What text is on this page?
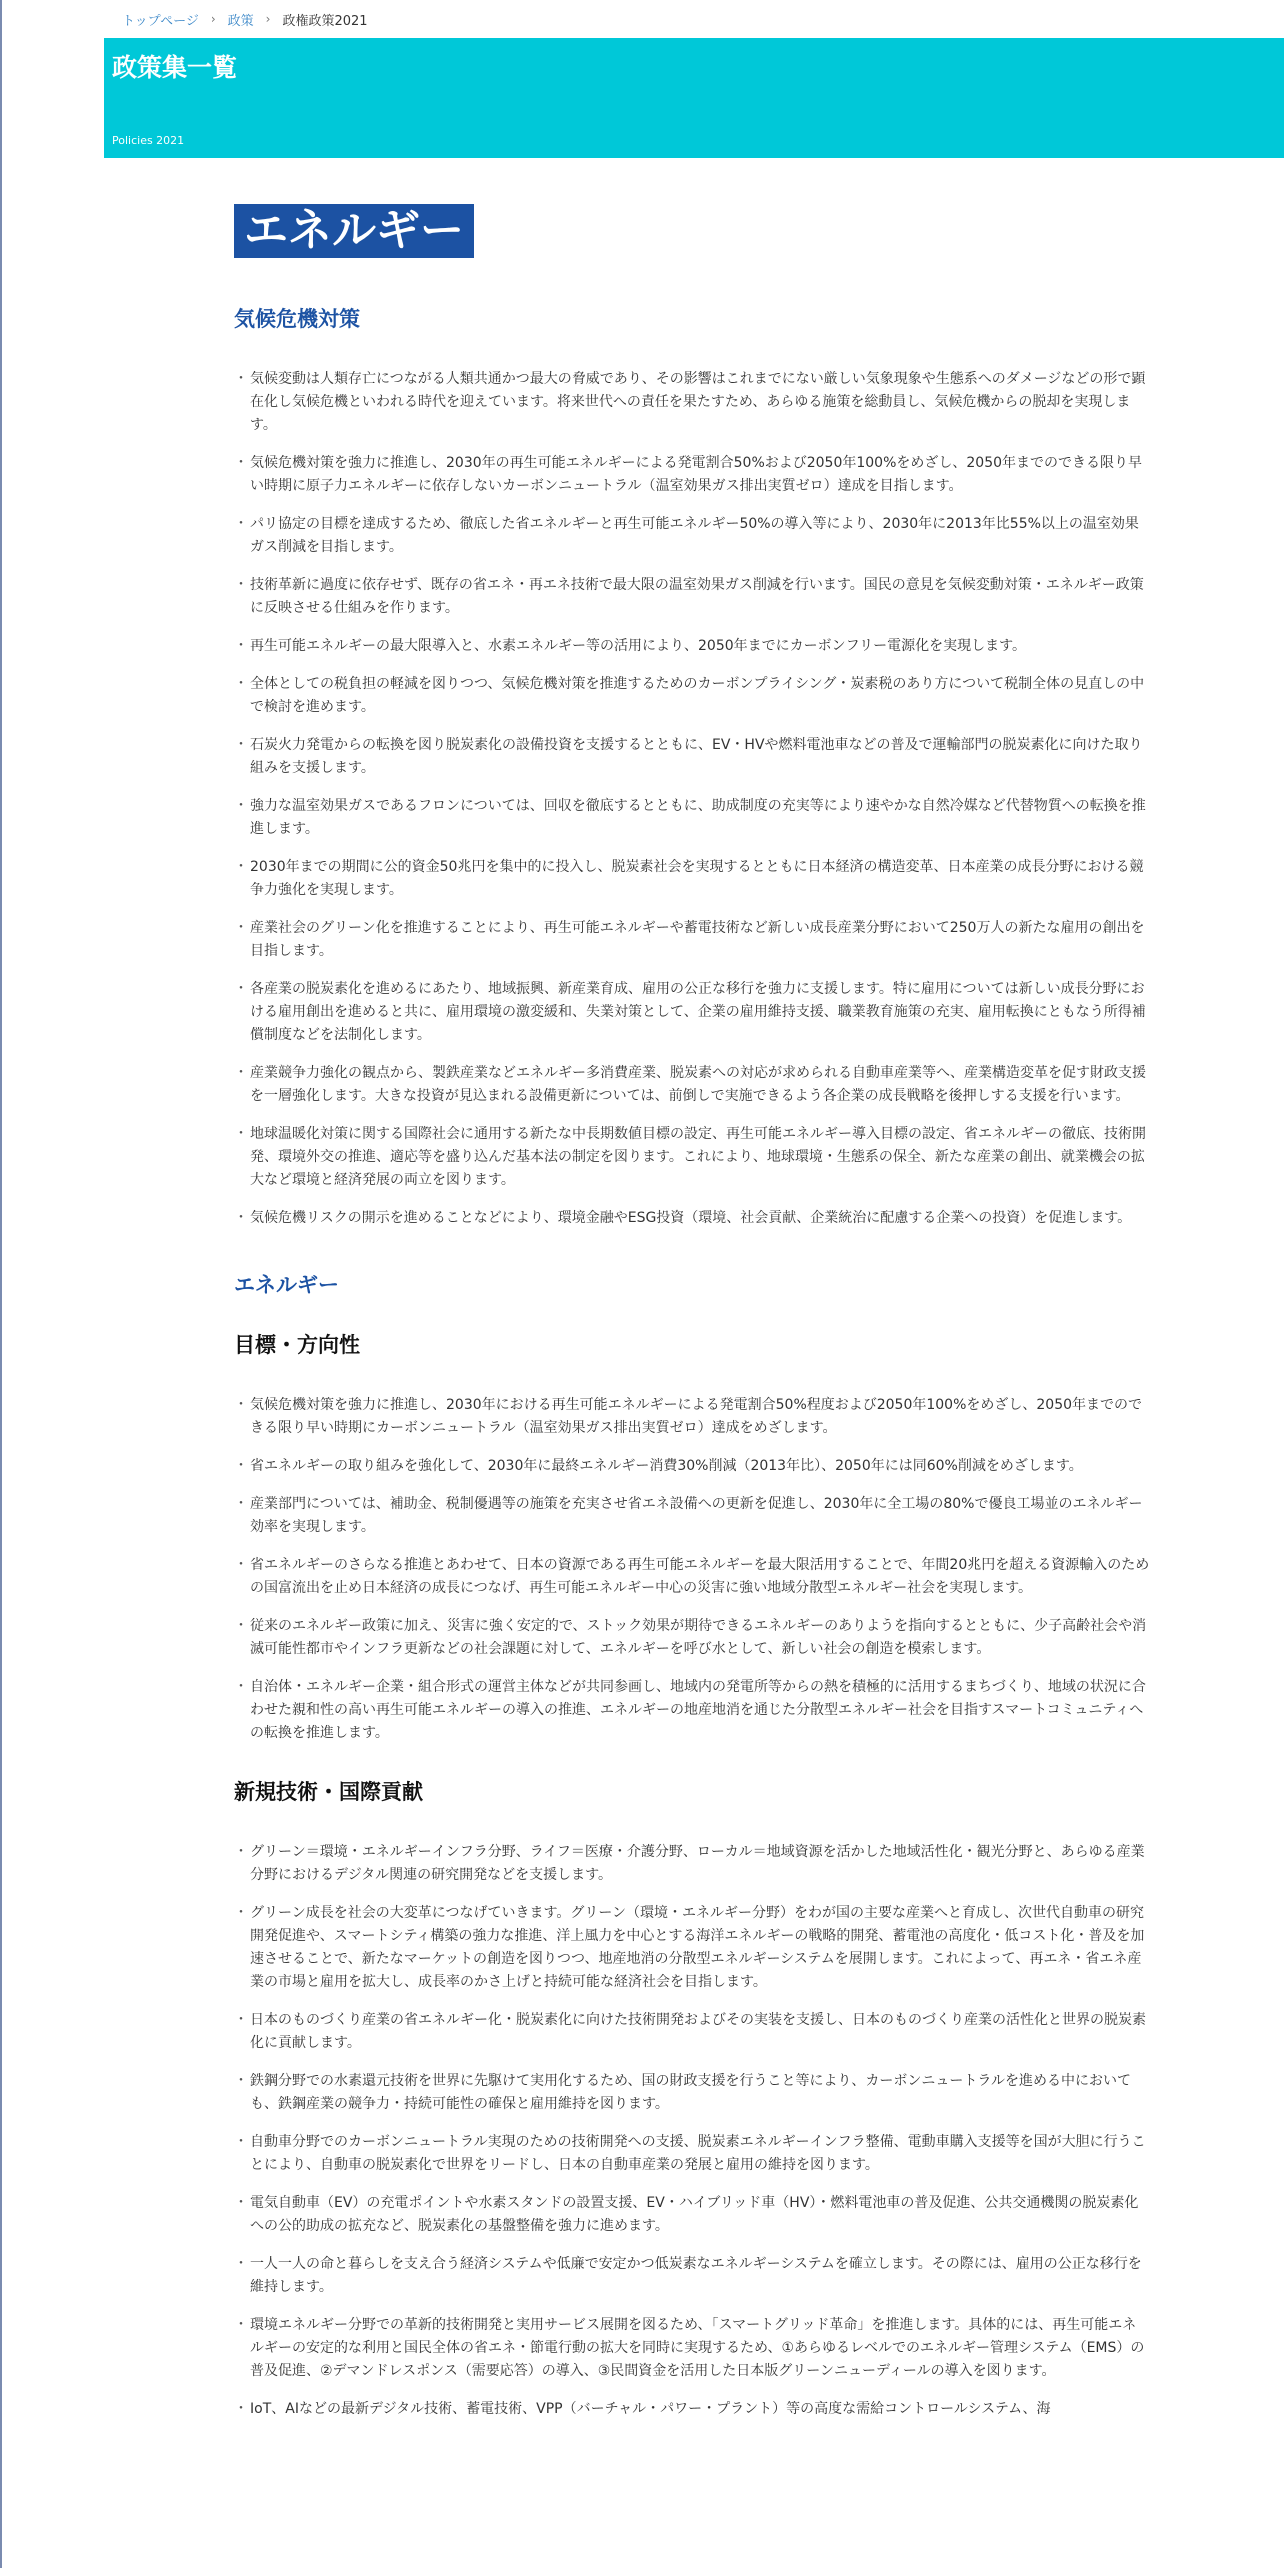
トップページ › 政策 › 政権政策2021
政策集一覧
Policies 2021
エネルギー
気候危機対策
・ 気候変動は人類存亡につながる人類共通かつ最大の脅威であり、その影響はこれまでにない厳しい気象現象や生態系へのダメージなどの形で顕在化し気候危機といわれる時代を迎えています。将来世代への責任を果たすため、あらゆる施策を総動員し、気候危機からの脱却を実現します。
・ 気候危機対策を強力に推進し、2030年の再生可能エネルギーによる発電割合50%および2050年100%をめざし、2050年までのできる限り早い時期に原子力エネルギーに依存しないカーボンニュートラル（温室効果ガス排出実質ゼロ）達成を目指します。
・ パリ協定の目標を達成するため、徹底した省エネルギーと再生可能エネルギー50%の導入等により、2030年に2013年比55%以上の温室効果ガス削減を目指します。
・ 技術革新に過度に依存せず、既存の省エネ・再エネ技術で最大限の温室効果ガス削減を行います。国民の意見を気候変動対策・エネルギー政策に反映させる仕組みを作ります。
・ 再生可能エネルギーの最大限導入と、水素エネルギー等の活用により、2050年までにカーボンフリー電源化を実現します。
・ 全体としての税負担の軽減を図りつつ、気候危機対策を推進するためのカーボンプライシング・炭素税のあり方について税制全体の見直しの中で検討を進めます。
・ 石炭火力発電からの転換を図り脱炭素化の設備投資を支援するとともに、EV・HVや燃料電池車などの普及で運輸部門の脱炭素化に向けた取り組みを支援します。
・ 強力な温室効果ガスであるフロンについては、回収を徹底するとともに、助成制度の充実等により速やかな自然冷媒など代替物質への転換を推進します。
・ 2030年までの期間に公的資金50兆円を集中的に投入し、脱炭素社会を実現するとともに日本経済の構造変革、日本産業の成長分野における競争力強化を実現します。
・ 産業社会のグリーン化を推進することにより、再生可能エネルギーや蓄電技術など新しい成長産業分野において250万人の新たな雇用の創出を目指します。
・ 各産業の脱炭素化を進めるにあたり、地域振興、新産業育成、雇用の公正な移行を強力に支援します。特に雇用については新しい成長分野における雇用創出を進めると共に、雇用環境の激変緩和、失業対策として、企業の雇用維持支援、職業教育施策の充実、雇用転換にともなう所得補償制度などを法制化します。
・ 産業競争力強化の観点から、製鉄産業などエネルギー多消費産業、脱炭素への対応が求められる自動車産業等へ、産業構造変革を促す財政支援を一層強化します。大きな投資が見込まれる設備更新については、前倒しで実施できるよう各企業の成長戦略を後押しする支援を行います。
・ 地球温暖化対策に関する国際社会に通用する新たな中長期数値目標の設定、再生可能エネルギー導入目標の設定、省エネルギーの徹底、技術開発、環境外交の推進、適応等を盛り込んだ基本法の制定を図ります。これにより、地球環境・生態系の保全、新たな産業の創出、就業機会の拡大など環境と経済発展の両立を図ります。
・ 気候危機リスクの開示を進めることなどにより、環境金融やESG投資（環境、社会貢献、企業統治に配慮する企業への投資）を促進します。
エネルギー
目標・方向性
・ 気候危機対策を強力に推進し、2030年における再生可能エネルギーによる発電割合50%程度および2050年100%をめざし、2050年までのできる限り早い時期にカーボンニュートラル（温室効果ガス排出実質ゼロ）達成をめざします。
・ 省エネルギーの取り組みを強化して、2030年に最終エネルギー消費30%削減（2013年比）、2050年には同60%削減をめざします。
・ 産業部門については、補助金、税制優遇等の施策を充実させ省エネ設備への更新を促進し、2030年に全工場の80%で優良工場並のエネルギー効率を実現します。
・ 省エネルギーのさらなる推進とあわせて、日本の資源である再生可能エネルギーを最大限活用することで、年間20兆円を超える資源輸入のための国富流出を止め日本経済の成長につなげ、再生可能エネルギー中心の災害に強い地域分散型エネルギー社会を実現します。
・ 従来のエネルギー政策に加え、災害に強く安定的で、ストック効果が期待できるエネルギーのありようを指向するとともに、少子高齢社会や消滅可能性都市やインフラ更新などの社会課題に対して、エネルギーを呼び水として、新しい社会の創造を模索します。
・ 自治体・エネルギー企業・組合形式の運営主体などが共同参画し、地域内の発電所等からの熱を積極的に活用するまちづくり、地域の状況に合わせた親和性の高い再生可能エネルギーの導入の推進、エネルギーの地産地消を通じた分散型エネルギー社会を目指すスマートコミュニティへの転換を推進します。
新規技術・国際貢献
・ グリーン＝環境・エネルギーインフラ分野、ライフ＝医療・介護分野、ローカル＝地域資源を活かした地域活性化・観光分野と、あらゆる産業分野におけるデジタル関連の研究開発などを支援します。
・ グリーン成長を社会の大変革につなげていきます。グリーン（環境・エネルギー分野）をわが国の主要な産業へと育成し、次世代自動車の研究開発促進や、スマートシティ構築の強力な推進、洋上風力を中心とする海洋エネルギーの戦略的開発、蓄電池の高度化・低コスト化・普及を加速させることで、新たなマーケットの創造を図りつつ、地産地消の分散型エネルギーシステムを展開します。これによって、再エネ・省エネ産業の市場と雇用を拡大し、成長率のかさ上げと持続可能な経済社会を目指します。
・ 日本のものづくり産業の省エネルギー化・脱炭素化に向けた技術開発およびその実装を支援し、日本のものづくり産業の活性化と世界の脱炭素化に貢献します。
・ 鉄鋼分野での水素還元技術を世界に先駆けて実用化するため、国の財政支援を行うこと等により、カーボンニュートラルを進める中においても、鉄鋼産業の競争力・持続可能性の確保と雇用維持を図ります。
・ 自動車分野でのカーボンニュートラル実現のための技術開発への支援、脱炭素エネルギーインフラ整備、電動車購入支援等を国が大胆に行うことにより、自動車の脱炭素化で世界をリードし、日本の自動車産業の発展と雇用の維持を図ります。
・ 電気自動車（EV）の充電ポイントや水素スタンドの設置支援、EV・ハイブリッド車（HV）・燃料電池車の普及促進、公共交通機関の脱炭素化への公的助成の拡充など、脱炭素化の基盤整備を強力に進めます。
・ 一人一人の命と暮らしを支え合う経済システムや低廉で安定かつ低炭素なエネルギーシステムを確立します。その際には、雇用の公正な移行を維持します。
・ 環境エネルギー分野での革新的技術開発と実用サービス展開を図るため、「スマートグリッド革命」を推進します。具体的には、再生可能エネルギーの安定的な利用と国民全体の省エネ・節電行動の拡大を同時に実現するため、①あらゆるレベルでのエネルギー管理システム（EMS）の普及促進、②デマンドレスポンス（需要応答）の導入、③民間資金を活用した日本版グリーンニューディールの導入を図ります。
・ IoT、AIなどの最新デジタル技術、蓄電技術、VPP（バーチャル・パワー・プラント）等の高度な需給コントロールシステム、海
